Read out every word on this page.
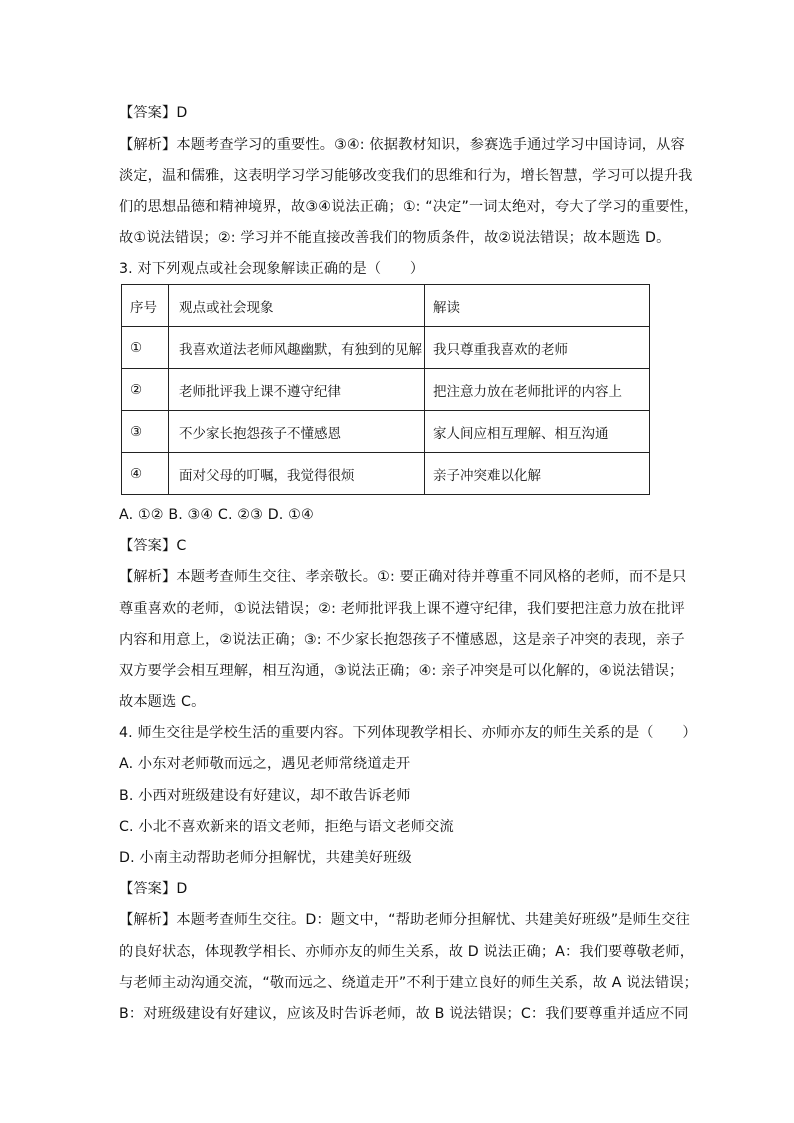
【答案】D
【解析】本题考查学习的重要性。③④: 依据教材知识，参赛选手通过学习中国诗词，从容
淡定，温和儒雅，这表明学习学习能够改变我们的思维和行为，增长智慧，学习可以提升我
们的思想品德和精神境界，故③④说法正确；①: “决定”一词太绝对，夸大了学习的重要性，
故①说法错误；②: 学习并不能直接改善我们的物质条件，故②说法错误；故本题选 D。
3. 对下列观点或社会现象解读正确的是（　　）
序号	观点或社会现象	解读
①	我喜欢道法老师风趣幽默，有独到的见解	我只尊重我喜欢的老师
②	老师批评我上课不遵守纪律	把注意力放在老师批评的内容上
③	不少家长抱怨孩子不懂感恩	家人间应相互理解、相互沟通
④	面对父母的叮嘱，我觉得很烦	亲子冲突难以化解
A. ①② B. ③④ C. ②③ D. ①④
【答案】C
【解析】本题考查师生交往、孝亲敬长。①: 要正确对待并尊重不同风格的老师，而不是只
尊重喜欢的老师，①说法错误；②: 老师批评我上课不遵守纪律，我们要把注意力放在批评
内容和用意上，②说法正确；③: 不少家长抱怨孩子不懂感恩，这是亲子冲突的表现，亲子
双方要学会相互理解，相互沟通，③说法正确；④: 亲子冲突是可以化解的，④说法错误；
故本题选 C。
4. 师生交往是学校生活的重要内容。下列体现教学相长、亦师亦友的师生关系的是（　　）
A. 小东对老师敬而远之，遇见老师常绕道走开
B. 小西对班级建设有好建议，却不敢告诉老师
C. 小北不喜欢新来的语文老师，拒绝与语文老师交流
D. 小南主动帮助老师分担解忧，共建美好班级
【答案】D
【解析】本题考查师生交往。D：题文中，“帮助老师分担解忧、共建美好班级”是师生交往
的良好状态，体现教学相长、亦师亦友的师生关系，故 D 说法正确；A：我们要尊敬老师，
与老师主动沟通交流，“敬而远之、绕道走开”不利于建立良好的师生关系，故 A 说法错误；
B：对班级建设有好建议，应该及时告诉老师，故 B 说法错误；C：我们要尊重并适应不同
